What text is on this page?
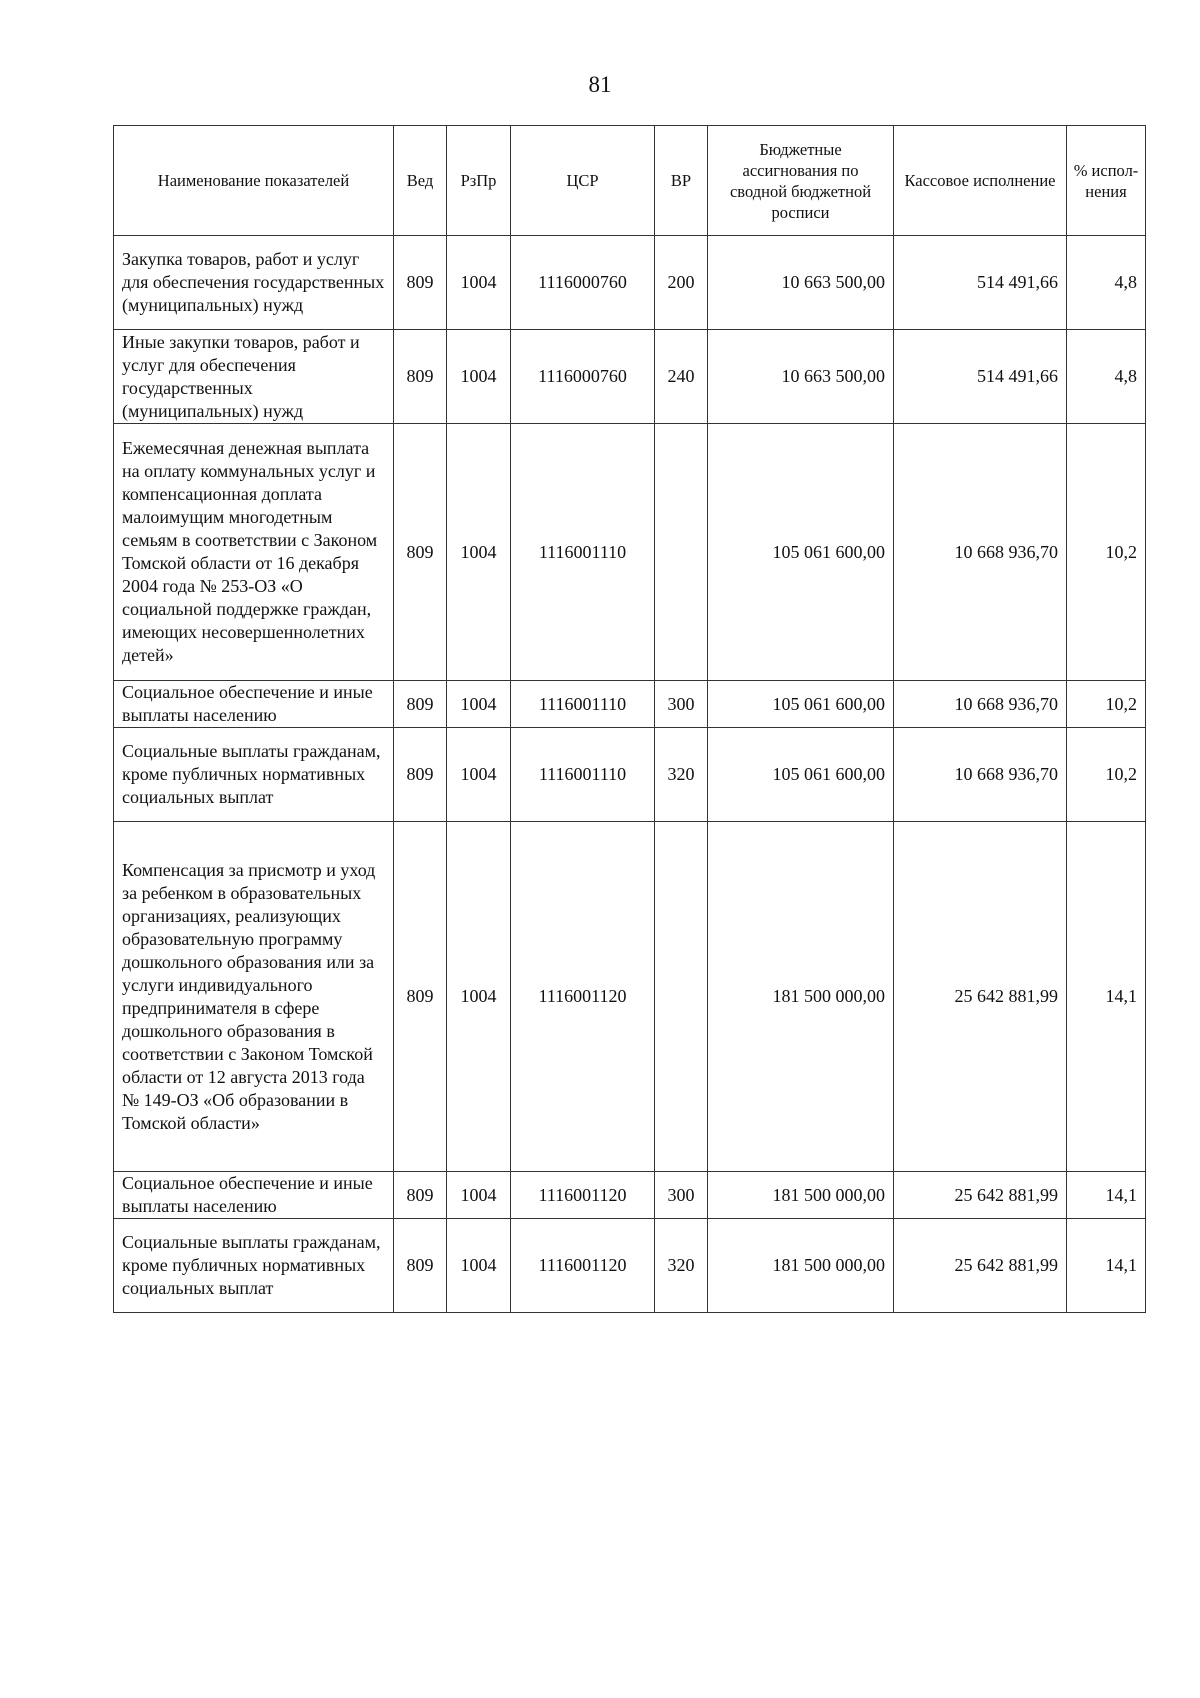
81
Наименование показателей	Вед	РзПр	ЦСР	ВР	Бюджетные ассигнования по сводной бюджетной росписи	Кассовое исполнение	% испол-нения
Закупка товаров, работ и услуг для обеспечения государственных (муниципальных) нужд	809	1004	1116000760	200	10 663 500,00	514 491,66	4,8
Иные закупки товаров, работ и услуг для обеспечения государственных (муниципальных) нужд	809	1004	1116000760	240	10 663 500,00	514 491,66	4,8
Ежемесячная денежная выплата на оплату коммунальных услуг и компенсационная доплата малоимущим многодетным семьям в соответствии с Законом Томской области от 16 декабря 2004 года № 253-ОЗ «О социальной поддержке граждан, имеющих несовершеннолетних детей»	809	1004	1116001110		105 061 600,00	10 668 936,70	10,2
Социальное обеспечение и иные выплаты населению	809	1004	1116001110	300	105 061 600,00	10 668 936,70	10,2
Социальные выплаты гражданам, кроме публичных нормативных социальных выплат	809	1004	1116001110	320	105 061 600,00	10 668 936,70	10,2
Компенсация за присмотр и уход за ребенком в образовательных организациях, реализующих образовательную программу дошкольного образования или за услуги индивидуального предпринимателя в сфере дошкольного образования в соответствии с Законом Томской области от 12 августа 2013 года № 149-ОЗ «Об образовании в Томской области»	809	1004	1116001120		181 500 000,00	25 642 881,99	14,1
Социальное обеспечение и иные выплаты населению	809	1004	1116001120	300	181 500 000,00	25 642 881,99	14,1
Социальные выплаты гражданам, кроме публичных нормативных социальных выплат	809	1004	1116001120	320	181 500 000,00	25 642 881,99	14,1
